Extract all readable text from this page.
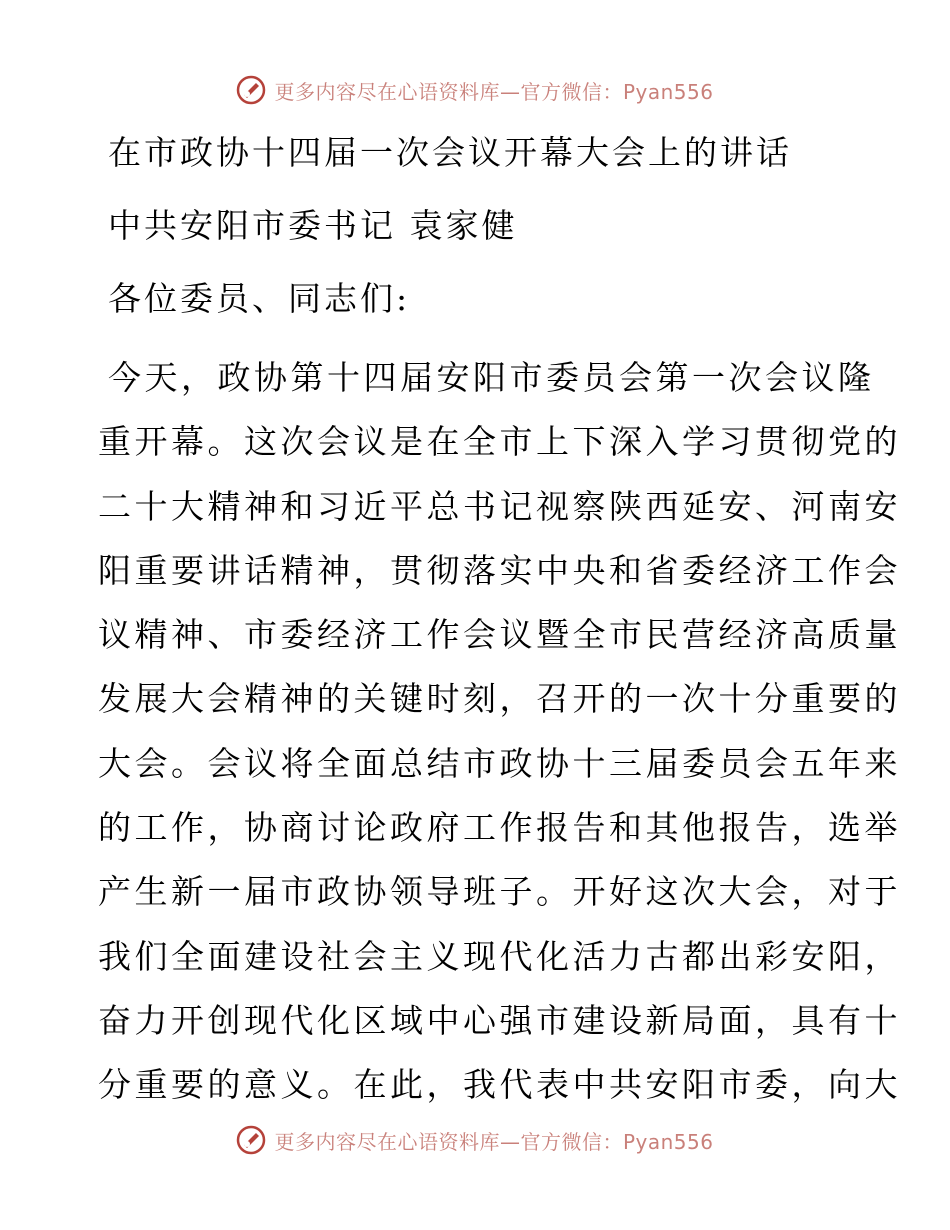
更多内容尽在心语资料库—官方微信：Pyan556
在市政协十四届一次会议开幕大会上的讲话
中共安阳市委书记 袁家健
各位委员、同志们:
今天，政协第十四届安阳市委员会第一次会议隆
重开幕。这次会议是在全市上下深入学习贯彻党的
二十大精神和习近平总书记视察陕西延安、河南安
阳重要讲话精神，贯彻落实中央和省委经济工作会
议精神、市委经济工作会议暨全市民营经济高质量
发展大会精神的关键时刻，召开的一次十分重要的
大会。会议将全面总结市政协十三届委员会五年来
的工作，协商讨论政府工作报告和其他报告，选举
产生新一届市政协领导班子。开好这次大会，对于
我们全面建设社会主义现代化活力古都出彩安阳，
奋力开创现代化区域中心强市建设新局面，具有十
分重要的意义。在此，我代表中共安阳市委，向大
更多内容尽在心语资料库—官方微信：Pyan556
